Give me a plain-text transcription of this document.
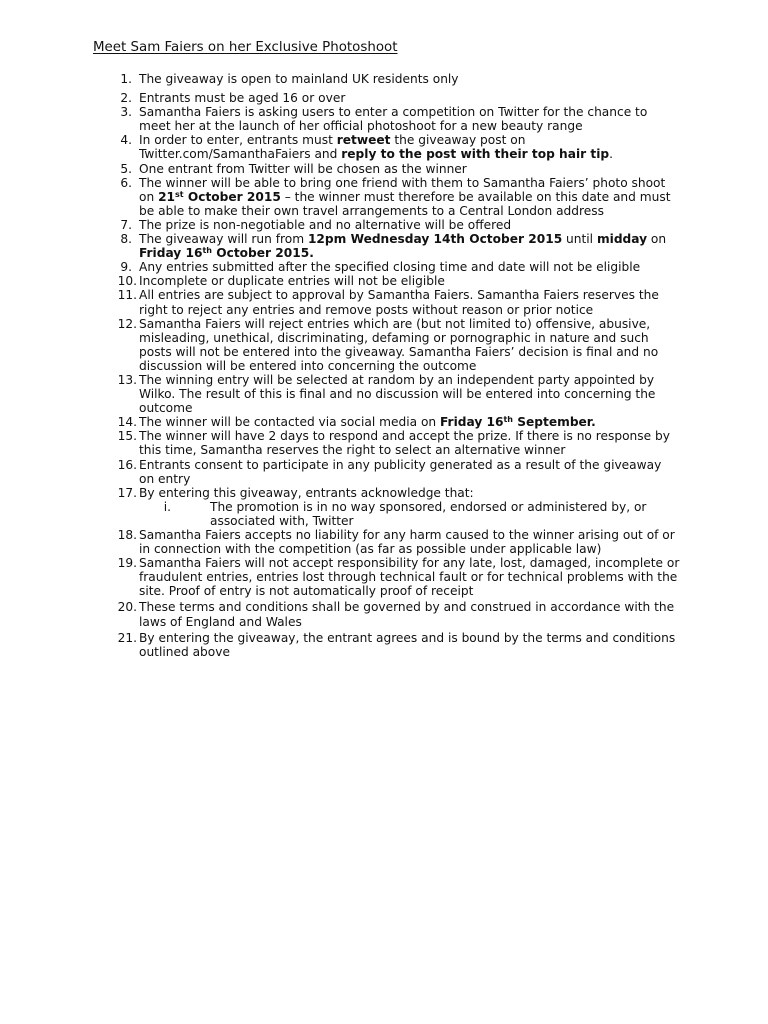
Meet Sam Faiers on her Exclusive Photoshoot
1. The giveaway is open to mainland UK residents only
2. Entrants must be aged 16 or over
3. Samantha Faiers is asking users to enter a competition on Twitter for the chance to meet her at the launch of her official photoshoot for a new beauty range
4. In order to enter, entrants must retweet the giveaway post on Twitter.com/SamanthaFaiers and reply to the post with their top hair tip.
5. One entrant from Twitter will be chosen as the winner
6. The winner will be able to bring one friend with them to Samantha Faiers’ photo shoot on 21st October 2015 – the winner must therefore be available on this date and must be able to make their own travel arrangements to a Central London address
7. The prize is non-negotiable and no alternative will be offered
8. The giveaway will run from 12pm Wednesday 14th October 2015 until midday on Friday 16th October 2015.
9. Any entries submitted after the specified closing time and date will not be eligible
10. Incomplete or duplicate entries will not be eligible
11. All entries are subject to approval by Samantha Faiers. Samantha Faiers reserves the right to reject any entries and remove posts without reason or prior notice
12. Samantha Faiers will reject entries which are (but not limited to) offensive, abusive, misleading, unethical, discriminating, defaming or pornographic in nature and such posts will not be entered into the giveaway. Samantha Faiers’ decision is final and no discussion will be entered into concerning the outcome
13. The winning entry will be selected at random by an independent party appointed by Wilko. The result of this is final and no discussion will be entered into concerning the outcome
14. The winner will be contacted via social media on Friday 16th September.
15. The winner will have 2 days to respond and accept the prize. If there is no response by this time, Samantha reserves the right to select an alternative winner
16. Entrants consent to participate in any publicity generated as a result of the giveaway on entry
17. By entering this giveaway, entrants acknowledge that:
i.	The promotion is in no way sponsored, endorsed or administered by, or associated with, Twitter
18. Samantha Faiers accepts no liability for any harm caused to the winner arising out of or in connection with the competition (as far as possible under applicable law)
19. Samantha Faiers will not accept responsibility for any late, lost, damaged, incomplete or fraudulent entries, entries lost through technical fault or for technical problems with the site. Proof of entry is not automatically proof of receipt
20. These terms and conditions shall be governed by and construed in accordance with the laws of England and Wales
21. By entering the giveaway, the entrant agrees and is bound by the terms and conditions outlined above
